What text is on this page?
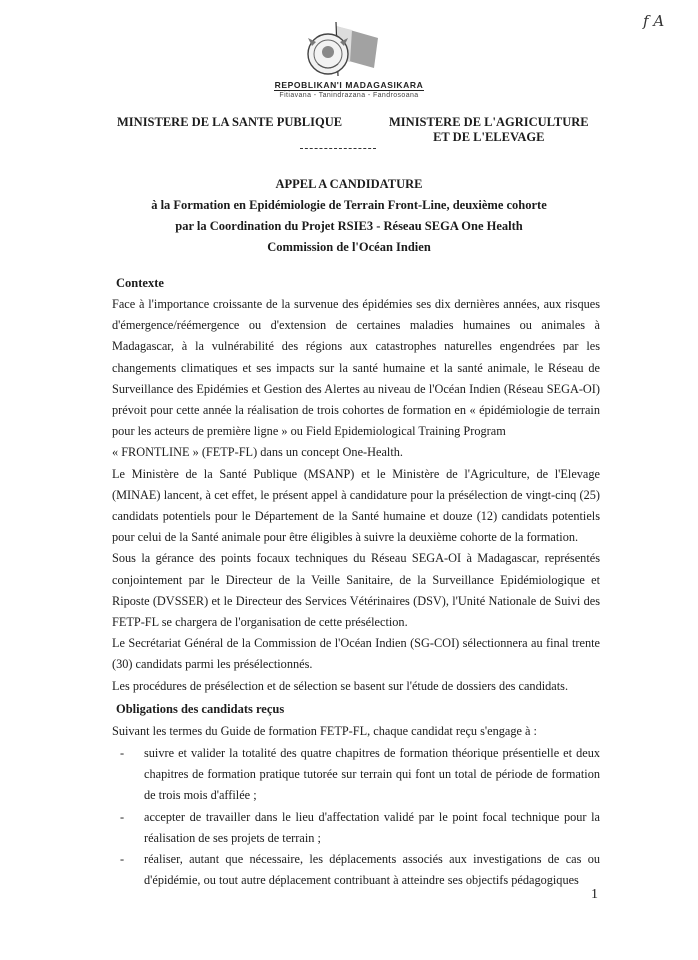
f A
REPOBLIKAN'I MADAGASIKARA
Fitiavana - Tanindrazana - Fandrosoana
MINISTERE DE LA SANTE PUBLIQUE	MINISTERE DE L'AGRICULTURE
ET DE L'ELEVAGE
APPEL A CANDIDATURE
à la Formation en Epidémiologie de Terrain Front-Line, deuxième cohorte
par la Coordination du Projet RSIE3 - Réseau SEGA One Health
Commission de l'Océan Indien
Contexte

Face à l'importance croissante de la survenue des épidémies ses dix dernières années, aux risques d'émergence/réémergence ou d'extension de certaines maladies humaines ou animales à Madagascar, à la vulnérabilité des régions aux catastrophes naturelles engendrées par les changements climatiques et ses impacts sur la santé humaine et la santé animale, le Réseau de Surveillance des Epidémies et Gestion des Alertes au niveau de l'Océan Indien (Réseau SEGA-OI) prévoit pour cette année la réalisation de trois cohortes de formation en « épidémiologie de terrain pour les acteurs de première ligne » ou Field Epidemiological Training Program

« FRONTLINE » (FETP-FL) dans un concept One-Health.

Le Ministère de la Santé Publique (MSANP) et le Ministère de l'Agriculture, de l'Elevage (MINAE) lancent, à cet effet, le présent appel à candidature pour la présélection de vingt-cinq (25) candidats potentiels pour le Département de la Santé humaine et douze (12) candidats potentiels pour celui de la Santé animale pour être éligibles à suivre la deuxième cohorte de la formation.

Sous la gérance des points focaux techniques du Réseau SEGA-OI à Madagascar, représentés conjointement par le Directeur de la Veille Sanitaire, de la Surveillance Epidémiologique et Riposte (DVSSER) et le Directeur des Services Vétérinaires (DSV), l'Unité Nationale de Suivi des FETP-FL se chargera de l'organisation de cette présélection.

Le Secrétariat Général de la Commission de l'Océan Indien (SG-COI) sélectionnera au final trente (30) candidats parmi les présélectionnés.

Les procédures de présélection et de sélection se basent sur l'étude de dossiers des candidats.

Obligations des candidats reçus
Suivant les termes du Guide de formation FETP-FL, chaque candidat reçu s'engage à :
- suivre et valider la totalité des quatre chapitres de formation théorique présentielle et deux chapitres de formation pratique tutorée sur terrain qui font un total de période de formation de trois mois d'affilée ;
- accepter de travailler dans le lieu d'affectation validé par le point focal technique pour la réalisation de ses projets de terrain ;
- réaliser, autant que nécessaire, les déplacements associés aux investigations de cas ou d'épidémie, ou tout autre déplacement contribuant à atteindre ses objectifs pédagogiques
1
